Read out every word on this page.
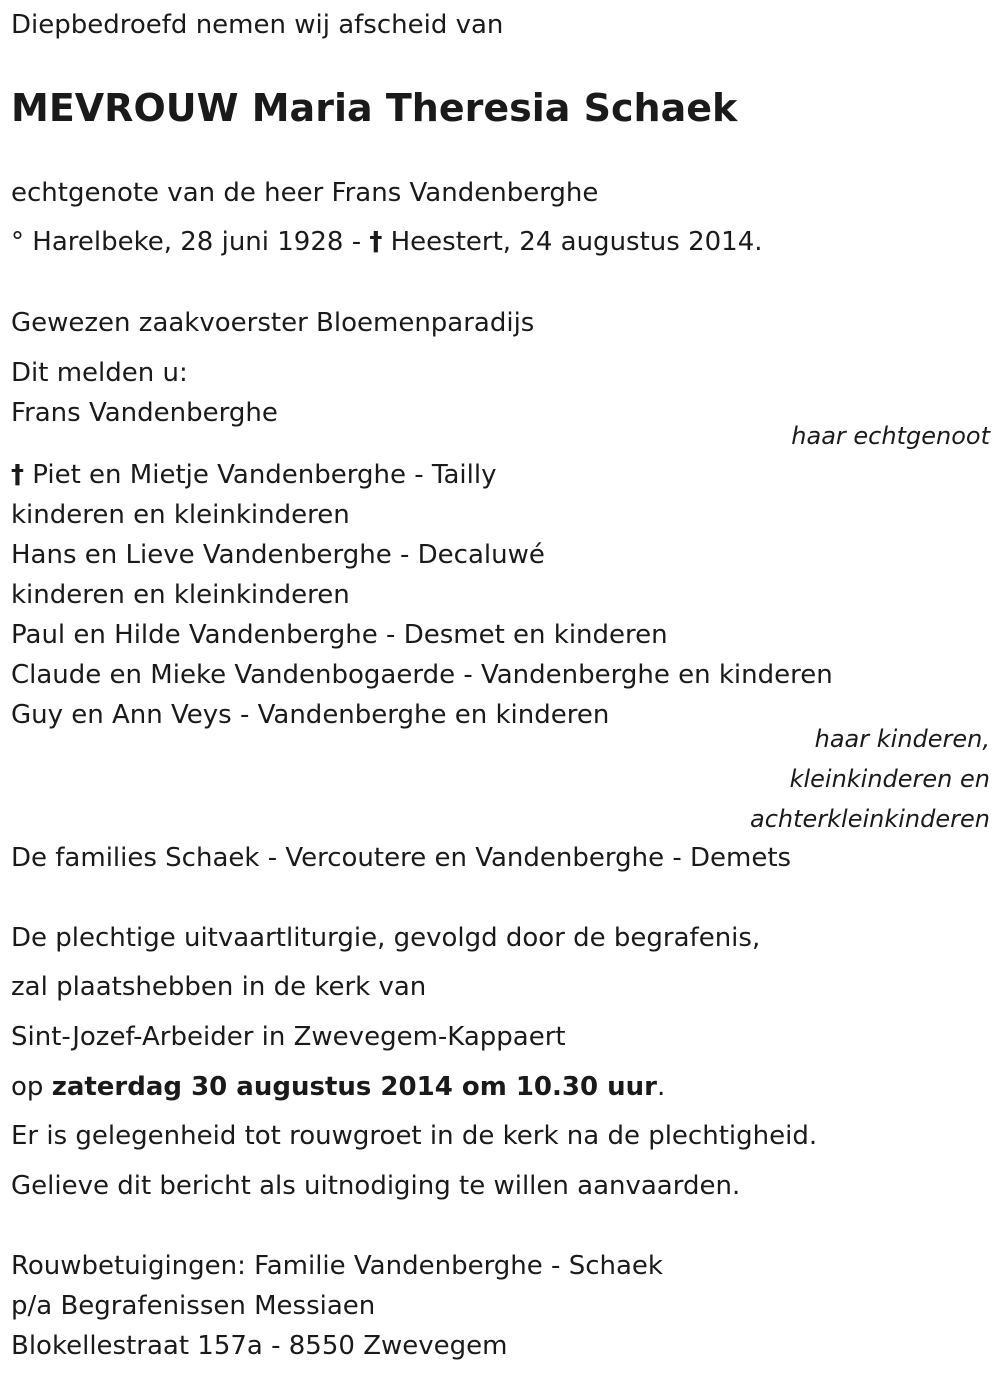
Diepbedroefd nemen wij afscheid van
MEVROUW Maria Theresia Schaek
echtgenote van de heer Frans Vandenberghe
° Harelbeke, 28 juni 1928 - † Heestert, 24 augustus 2014.
Gewezen zaakvoerster Bloemenparadijs
Dit melden u:
Frans Vandenberghe
haar echtgenoot
† Piet en Mietje Vandenberghe - Tailly
kinderen en kleinkinderen
Hans en Lieve Vandenberghe - Decaluwé
kinderen en kleinkinderen
Paul en Hilde Vandenberghe - Desmet en kinderen
Claude en Mieke Vandenbogaerde - Vandenberghe en kinderen
Guy en Ann Veys - Vandenberghe en kinderen
haar kinderen,
kleinkinderen en
achterkleinkinderen
De families Schaek - Vercoutere en Vandenberghe - Demets
De plechtige uitvaartliturgie, gevolgd door de begrafenis,
zal plaatshebben in de kerk van
Sint-Jozef-Arbeider in Zwevegem-Kappaert
op zaterdag 30 augustus 2014 om 10.30 uur.
Er is gelegenheid tot rouwgroet in de kerk na de plechtigheid.
Gelieve dit bericht als uitnodiging te willen aanvaarden.
Rouwbetuigingen: Familie Vandenberghe - Schaek
p/a Begrafenissen Messiaen
Blokellestraat 157a - 8550 Zwevegem
